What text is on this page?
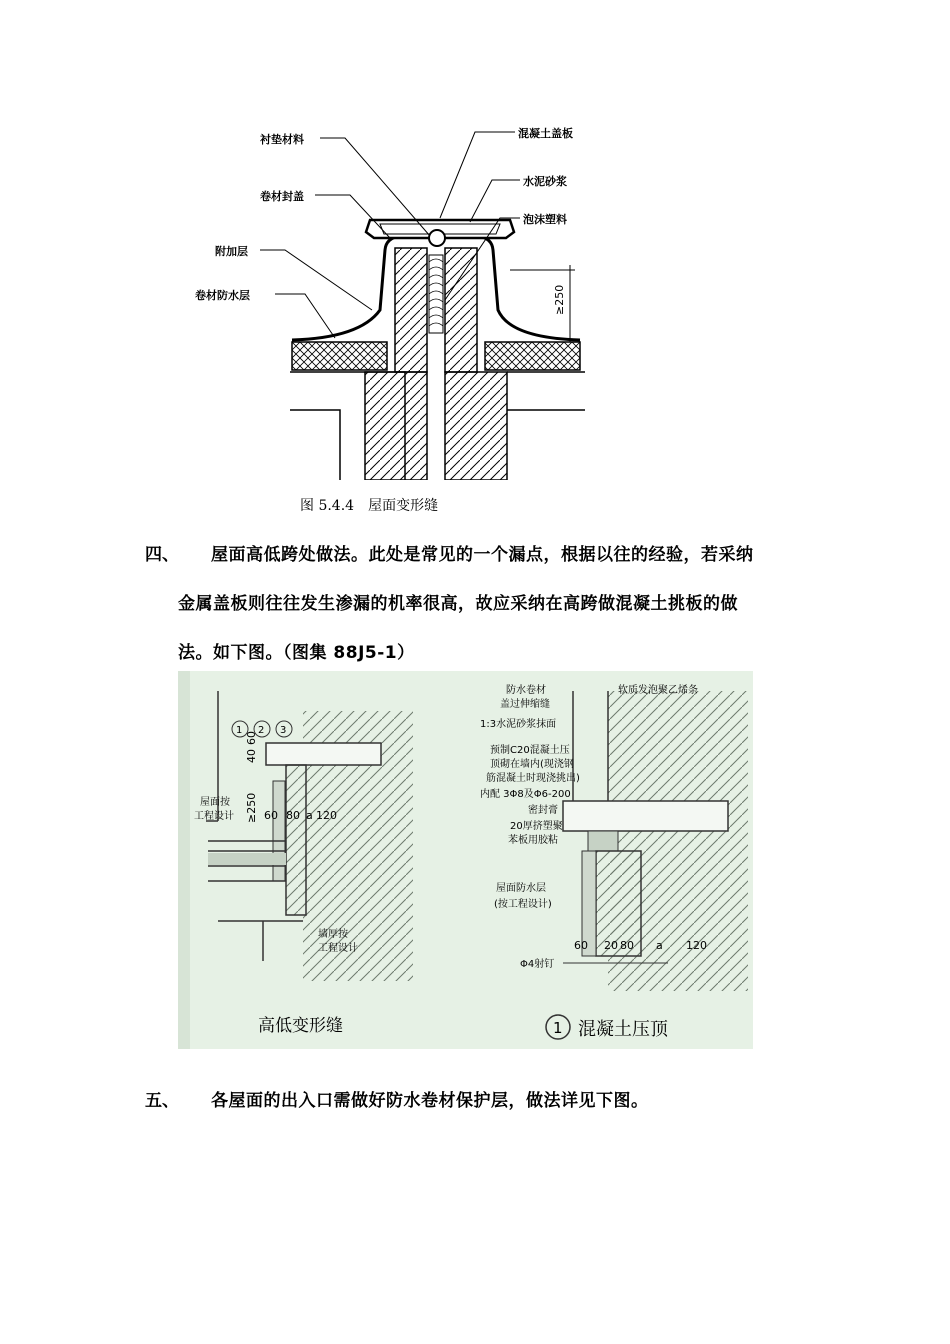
衬垫材料
卷材封盖
附加层
卷材防水层
混凝土盖板
水泥砂浆
泡沫塑料
≥250
图 5.4.4　屋面变形缝
四、 屋面高低跨处做法。此处是常见的一个漏点，根据以往的经验，若采纳
金属盖板则往往发生渗漏的机率很高，故应采纳在高跨做混凝土挑板的做
法。如下图。（图集 88J5-1）
1 2 3
≥250
40
60
60 80 a 120
屋面按
工程设计
墙厚按
工程设计
高低变形缝
防水卷材
盖过伸缩缝
1:3水泥砂浆抹面
预制C20混凝土压
顶砌在墙内(现浇钢
筋混凝土时现浇挑出)
内配 3Φ8及Φ6-200
密封膏
20厚挤塑聚
苯板用胶粘
屋面防水层
(按工程设计)
Φ4射钉
软质发泡聚乙烯条
60 20 80 a 120
1 混凝土压顶
五、 各屋面的出入口需做好防水卷材保护层，做法详见下图。
